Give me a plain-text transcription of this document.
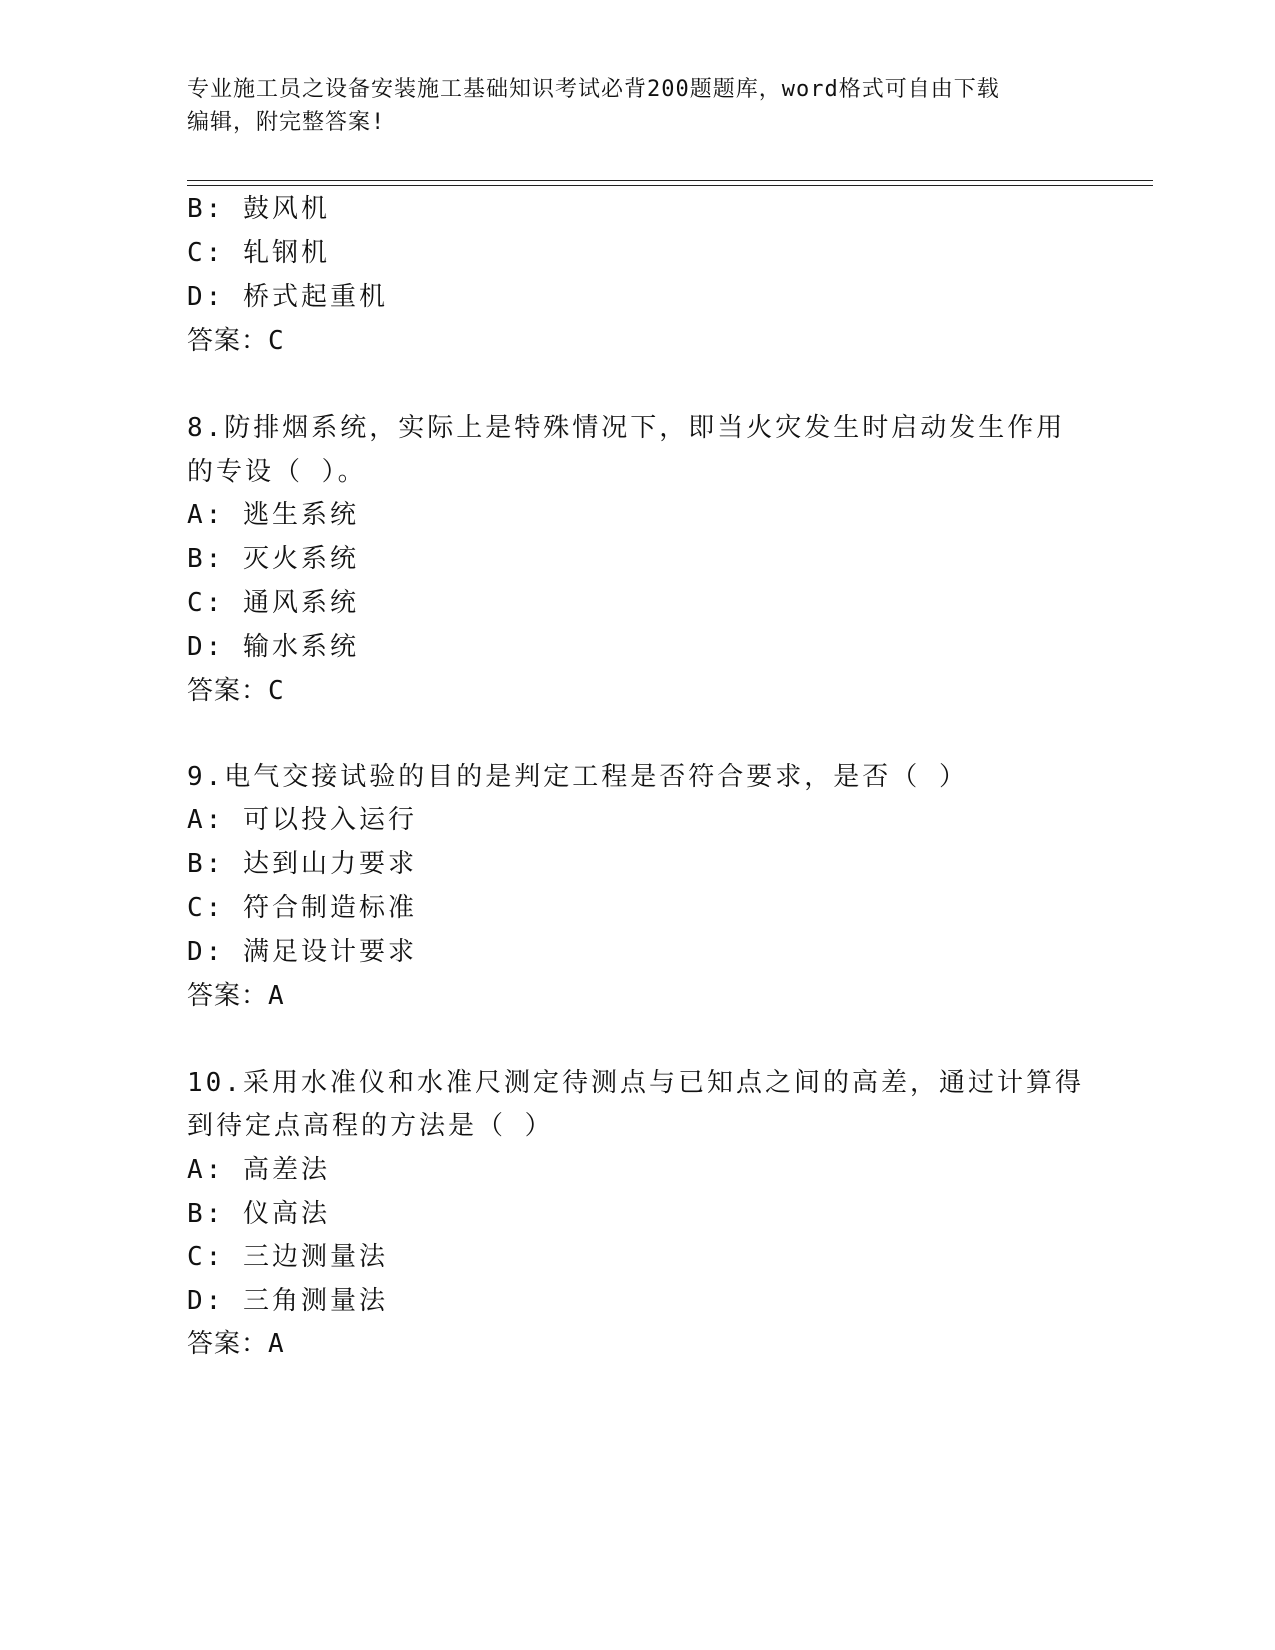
专业施工员之设备安装施工基础知识考试必背200题题库，word格式可自由下载
编辑，附完整答案!
B: 鼓风机
C: 轧钢机
D: 桥式起重机
答案：C
8.防排烟系统，实际上是特殊情况下，即当火灾发生时启动发生作用
的专设（ ）。
A: 逃生系统
B: 灭火系统
C: 通风系统
D: 输水系统
答案：C
9.电气交接试验的目的是判定工程是否符合要求，是否（ ）
A: 可以投入运行
B: 达到山力要求
C: 符合制造标准
D: 满足设计要求
答案：A
10.采用水准仪和水准尺测定待测点与已知点之间的高差，通过计算得
到待定点高程的方法是（ ）
A: 高差法
B: 仪高法
C: 三边测量法
D: 三角测量法
答案：A
